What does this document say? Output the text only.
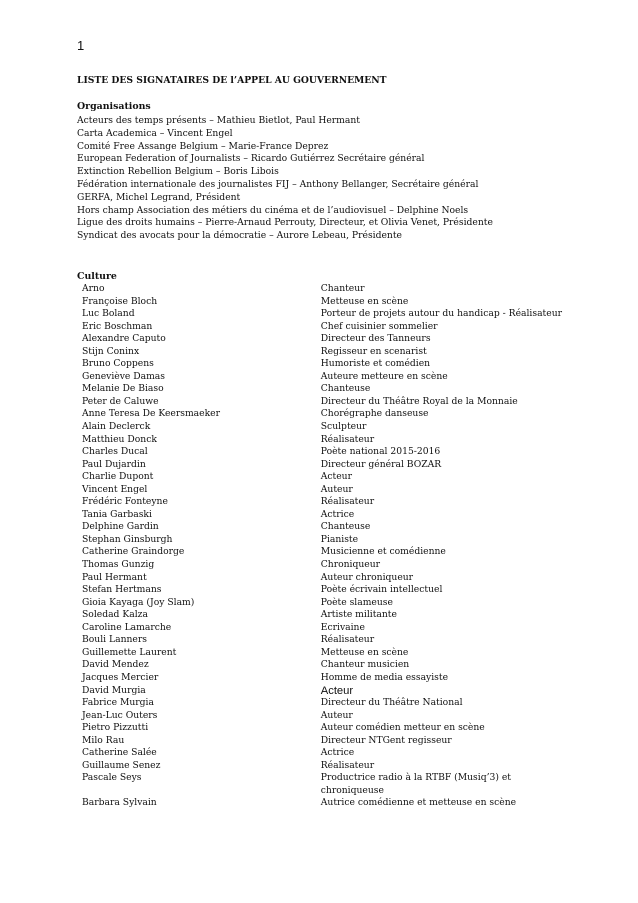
1
LISTE DES SIGNATAIRES DE l’APPEL AU GOUVERNEMENT
Organisations
Acteurs des temps présents – Mathieu Bietlot, Paul Hermant
Carta Academica – Vincent Engel
Comité Free Assange Belgium – Marie-France Deprez
European Federation of Journalists – Ricardo Gutiérrez Secrétaire général
Extinction Rebellion Belgium – Boris Libois
Fédération internationale des journalistes FIJ – Anthony Bellanger, Secrétaire général
GERFA, Michel Legrand, Président
Hors champ Association des métiers du cinéma et de l’audiovisuel – Delphine Noels
Ligue des droits humains – Pierre-Arnaud Perrouty, Directeur, et Olivia Venet, Présidente
Syndicat des avocats pour la démocratie – Aurore Lebeau, Présidente
Culture
Arno	Chanteur
Françoise Bloch	Metteuse en scène
Luc Boland	Porteur de projets autour du handicap - Réalisateur
Eric Boschman	Chef cuisinier sommelier
Alexandre Caputo	Directeur des Tanneurs
Stijn Coninx	Regisseur en scenarist
Bruno Coppens	Humoriste et comédien
Geneviève Damas	Auteure metteure en scène
Melanie De Biaso	Chanteuse
Peter de Caluwe	Directeur du Théâtre Royal de la Monnaie
Anne Teresa De Keersmaeker	Chorégraphe danseuse
Alain Declerck	Sculpteur
Matthieu Donck	Réalisateur
Charles Ducal	Poète national 2015-2016
Paul Dujardin	Directeur général BOZAR
Charlie Dupont	Acteur
Vincent Engel	Auteur
Frédéric Fonteyne	Réalisateur
Tania Garbaski	Actrice
Delphine Gardin	Chanteuse
Stephan Ginsburgh	Pianiste
Catherine Graindorge	Musicienne et comédienne
Thomas Gunzig	Chroniqueur
Paul Hermant	Auteur chroniqueur
Stefan Hertmans	Poète écrivain intellectuel
Gioia Kayaga (Joy Slam)	Poète slameuse
Soledad Kalza	Artiste militante
Caroline Lamarche	Ecrivaine
Bouli Lanners	Réalisateur
Guillemette Laurent	Metteuse en scène
David Mendez	Chanteur musicien
Jacques Mercier	Homme de media essayiste
David Murgia	Acteur
Fabrice Murgia	Directeur du Théâtre National
Jean-Luc Outers	Auteur
Pietro Pizzutti	Auteur comédien metteur en scène
Milo Rau	Directeur NTGent regisseur
Catherine Salée	Actrice
Guillaume Senez	Réalisateur
Pascale Seys	Productrice radio à la RTBF (Musiq’3) et chroniqueuse
Barbara Sylvain	Autrice comédienne et metteuse en scène
